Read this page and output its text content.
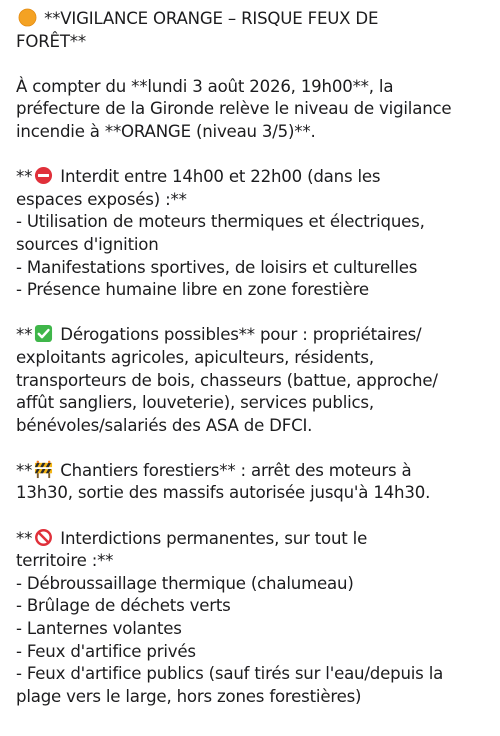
**VIGILANCE ORANGE – RISQUE FEUX DE
FORÊT**

À compter du **lundi 3 août 2026, 19h00**, la
préfecture de la Gironde relève le niveau de vigilance
incendie à **ORANGE (niveau 3/5)**.

** Interdit entre 14h00 et 22h00 (dans les
espaces exposés) :**
- Utilisation de moteurs thermiques et électriques,
sources d'ignition
- Manifestations sportives, de loisirs et culturelles
- Présence humaine libre en zone forestière

** Dérogations possibles** pour : propriétaires/
exploitants agricoles, apiculteurs, résidents,
transporteurs de bois, chasseurs (battue, approche/
affût sangliers, louveterie), services publics,
bénévoles/salariés des ASA de DFCI.

** Chantiers forestiers** : arrêt des moteurs à
13h30, sortie des massifs autorisée jusqu'à 14h30.

** Interdictions permanentes, sur tout le
territoire :**
- Débroussaillage thermique (chalumeau)
- Brûlage de déchets verts
- Lanternes volantes
- Feux d'artifice privés
- Feux d'artifice publics (sauf tirés sur l'eau/depuis la
plage vers le large, hors zones forestières)
